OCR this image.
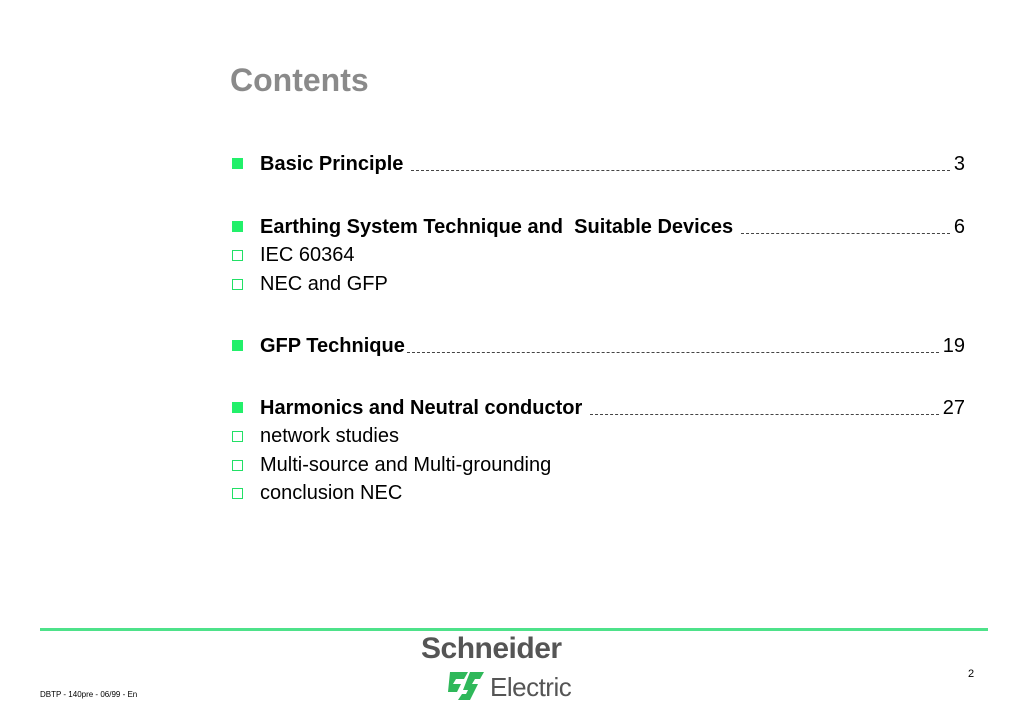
Contents
Basic Principle	3
Earthing System Technique and  Suitable Devices	6
IEC 60364
NEC and GFP
GFP Technique	19
Harmonics and Neutral conductor	27
network studies
Multi-source and Multi-grounding
conclusion NEC
Schneider
Electric	2
DBTP - 140pre - 06/99 - En
